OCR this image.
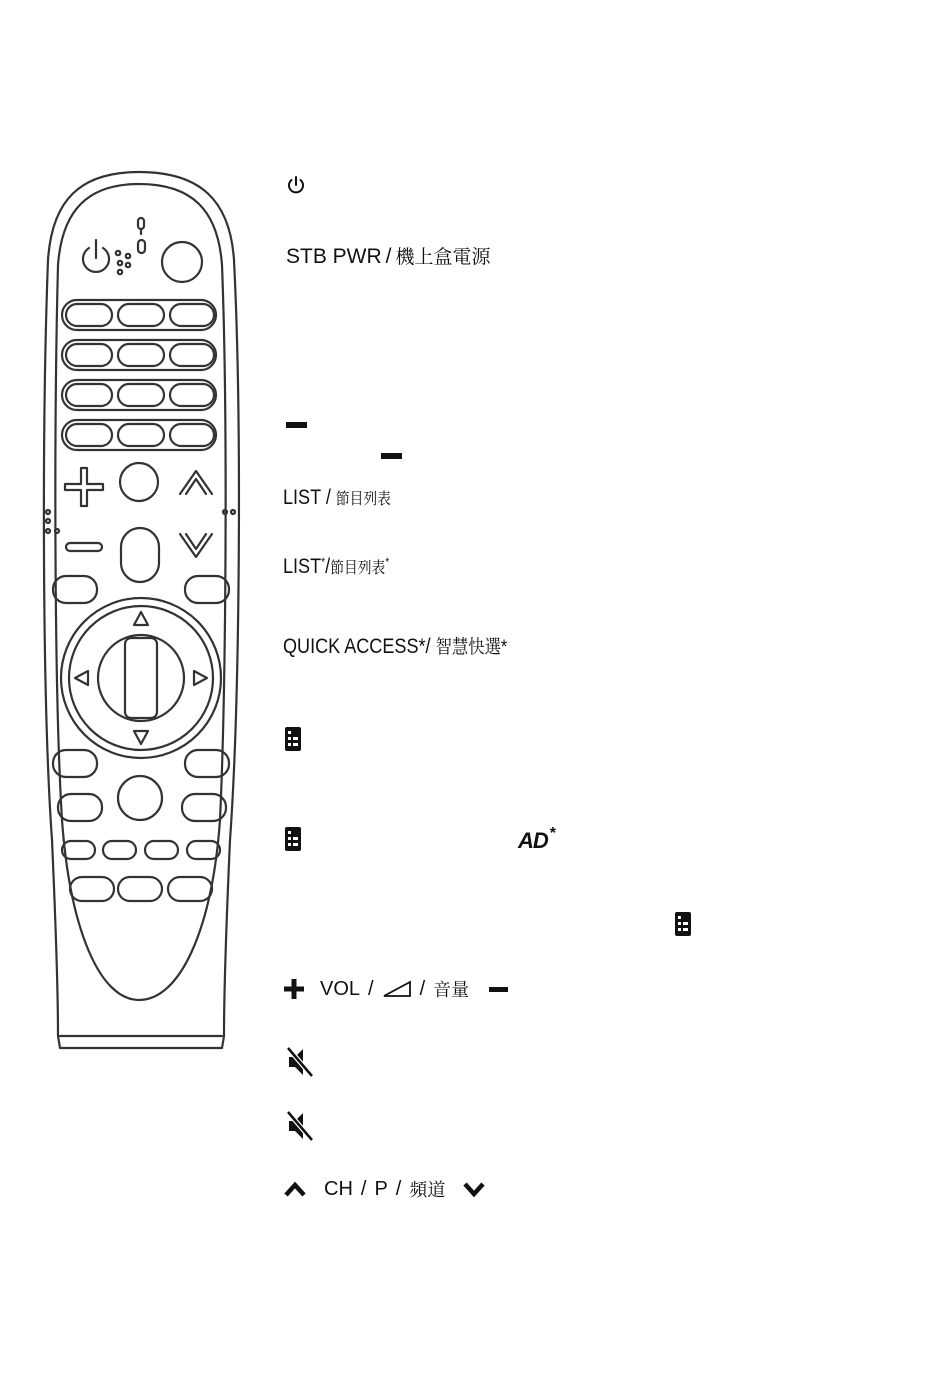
STB PWR / 機上盒電源
LIST / 節目列表
LIST*/節目列表*
QUICK ACCESS*/ 智慧快選*
AD *
VOL / / 音量
CH / P / 頻道
